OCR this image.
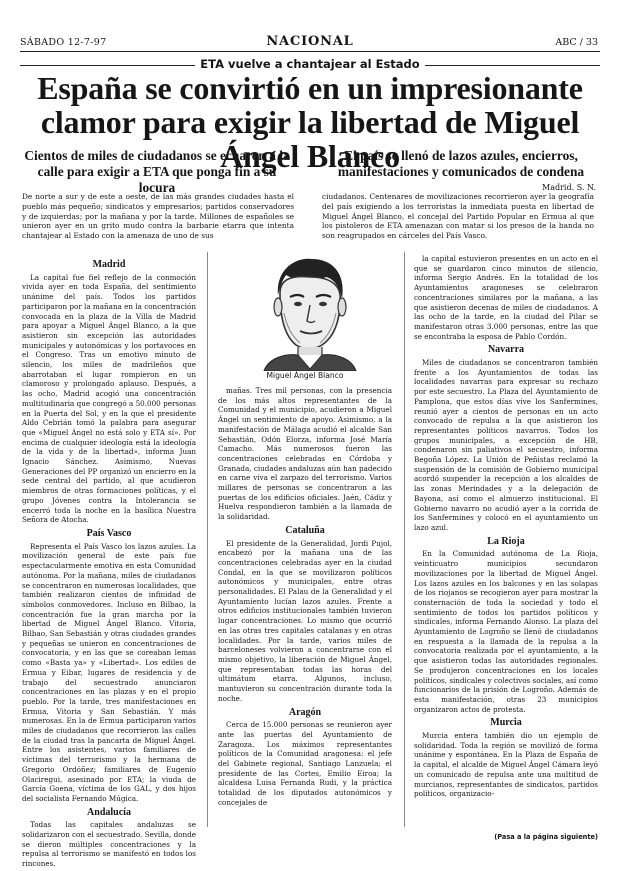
SÁBADO 12-7-97	NACIONAL	ABC / 33
ETA vuelve a chantajear al Estado
España se convirtió en un impresionante clamor para exigir la libertad de Miguel Ángel Blanco
Cientos de miles de ciudadanos se echaron a la calle para exigir a ETA que ponga fin a su locura
El país se llenó de lazos azules, encierros, manifestaciones y comunicados de condena
Madrid. S. N.
De norte a sur y de este a oeste, de las más grandes ciudades hasta el pueblo más pequeño; sindicatos y empresarios; partidos conservadores y de izquierdas; por la mañana y por la tarde. Millones de españoles se unieron ayer en un grito mudo contra la barbarie etarra que intenta chantajear al Estado con la amenaza de uno de sus
ciudadanos. Centenares de movilizaciones recorrieron ayer la geografía del país exigiendo a los terroristas la inmediata puesta en libertad de Miguel Ángel Blanco, el concejal del Partido Popular en Ermua al que los pistoleros de ETA amenazan con matar si los presos de la banda no son reagrupados en cárceles del País Vasco.
Madrid

La capital fue fiel reflejo de la conmoción vivida ayer en toda España, del sentimiento unánime del país. Todos los partidos participaron por la mañana en la concentración convocada en la plaza de la Villa de Madrid para apoyar a Miguel Ángel Blanco, a la que asistieron sin excepción las autoridades municipales y autonómicas y los portavoces en el Congreso. Tras un emotivo minuto de silencio, los miles de madrileños que abarrotaban el lugar rompieron en un clamoroso y prolongado aplauso. Después, a las ocho, Madrid acogió una concentración multitudinaria que congregó a 50.000 personas en la Puerta del Sol, y en la que el presidente Aldo Cebrián tomó la palabra para asegurar que «Miguel Ángel no está solo y ETA sí». Por encima de cualquier ideología está la ideología de la vida y de la libertad», informa Juan Ignacio Sánchez. Asimismo, Nuevas Generaciones del PP organizó un encierro en la sede central del partido, al que acudieron miembros de otras formaciones políticas, y el grupo Jóvenes contra la Intolerancia se encerró toda la noche en la basílica Nuestra Señora de Atocha.

País Vasco

Representa el País Vasco los lazos azules. La movilización general de este país fue espectacularmente emotiva en esta Comunidad autónoma. Por la mañana, miles de ciudadanos se concentraron en numerosas localidades, que también realizaron cientos de infinidad de símbolos conmovedores. Incluso en Bilbao, la concentración fue la gran marcha por la libertad de Miguel Ángel Blanco. Vitoria, Bilbao, San Sebastián y otras ciudades grandes y pequeñas se unieron en concentraciones de convocatoria, y en las que se coreaban lemas como «Basta ya» y «Libertad». Los ediles de Ermua y Eibar, lugares de residencia y de trabajo del secuestrado anunciaron concentraciones en las plazas y en el propio pueblo. Por la tarde, tres manifestaciones en Ermua, Vitoria y San Sebastián. Y más numerosas. En la de Ermua participaron varios miles de ciudadanos que recorrieron las calles de la ciudad tras la pancarta de Miguel Ángel. Entre los asistentes, varios familiares de víctimas del terrorismo y la hermana de Gregorio Ordóñez; familiares de Eugenio Olaciregui, asesinado por ETA; la viuda de García Goena, víctima de los GAL, y dos hijos del socialista Fernando Múgica.

Andalucía

Todas las capitales andaluzas se solidarizaron con el secuestrado. Sevilla, donde se dieron múltiples concentraciones y la repulsa al terrorismo se manifestó en todos los rincones.

Miguel Ángel Blanco

mañas. Tres mil personas, con la presencia de los más altos representantes de la Comunidad y el municipio, acudieron a Miguel Ángel un sentimiento de apoyo. Asimismo, a la manifestación de Málaga acudió el alcalde San Sebastián, Odón Elorza, informa José María Camacho. Más numerosos fueron las concentraciones celebradas en Córdoba y Granada, ciudades andaluzas aún han padecido en carne viva el zarpazo del terrorismo. Varios millares de personas se concentraron a las puertas de los edificios oficiales. Jaén, Cádiz y Huelva respondieron también a la llamada de la solidaridad.

Cataluña

El presidente de la Generalidad, Jordi Pujol, encabezó por la mañana una de las concentraciones celebradas ayer en la ciudad Condal, en la que se movilizaron políticos autonómicos y municipales, entre otras personalidades. El Palau de la Generalidad y el Ayuntamiento lucían lazos azules. Frente a otros edificios institucionales también tuvieron lugar concentraciones. Lo mismo que ocurrió en las otras tres capitales catalanas y en otras localidades. Por la tarde, varios miles de barceloneses volvieron a concentrarse con el mismo objetivo, la liberación de Miguel Ángel, que representaban todas las horas del ultimátum etarra. Algunos, incluso, mantuvieron su concentración durante toda la noche.

Aragón

Cerca de 15.000 personas se reunieron ayer ante las puertas del Ayuntamiento de Zaragoza. Los máximos representantes políticos de la Comunidad aragonesa: el jefe del Gabinete regional, Santiago Lanzuela; el presidente de las Cortes, Emilio Eiroa; la alcaldesa Luisa Fernanda Rudi, y la práctica totalidad de los diputados autonómicos y concejales de

la capital estuvieron presentes en un acto en el que se guardaron cinco minutos de silencio, informa Sergio Andrés. En la totalidad de los Ayuntamientos aragoneses se celebraron concentraciones similares por la mañana, a las que asistieron decenas de miles de ciudadanos. A las ocho de la tarde, en la ciudad del Pilar se manifestaron otras 3.000 personas, entre las que se encontraba la esposa de Pablo Cordón.

Navarra

Miles de ciudadanos se concentraron también frente a los Ayuntamientos de todas las localidades navarras para expresar su rechazo por este secuestro. La Plaza del Ayuntamiento de Pamplona, que estos días vive los Sanfermines, reunió ayer a cientos de personas en un acto convocado de repulsa a la que asistieron los representantes políticos navarros. Todos los grupos municipales, a excepción de HB, condenaron sin paliativos el secuestro, informa Begoña López. La Unión de Peñistas reclamó la suspensión de la comisión de Gobierno municipal acordó suspender la recepción a los alcaldes de las zonas Merindades y a la delegación de Bayona, así como el almuerzo institucional. El Gobierno navarro no acudió ayer a la corrida de los Sanfermines y colocó en el ayuntamiento un lazo azul.

La Rioja

En la Comunidad autónoma de La Rioja, veinticuatro municipios secundaron movilizaciones por la libertad de Miguel Ángel. Los lazos azules en los balcones y en las solapas de los riojanos se recogieron ayer para mostrar la consternación de toda la sociedad y todo el sentimiento de todos los partidos políticos y sindicales, informa Fernando Alonso. La plaza del Ayuntamiento de Logroño se llenó de ciudadanos en respuesta a la llamada de la repulsa a la convocatoria realizada por el ayuntamiento, a la que asistieron todas las autoridades regionales. Se produjeron concentraciones en los locales políticos, sindicales y colectivos sociales, así como funcionarios de la prisión de Logroño. Además de esta manifestación, otras 23 municipios organizaron actos de protesta.

Murcia

Murcia entera también dio un ejemplo de solidaridad. Toda la región se movilizó de forma unánime y espontánea. En la Plaza de España de la capital, el alcalde de Miguel Ángel Cámara leyó un comunicado de repulsa ante una multitud de murcianos, representantes de sindicatos, partidos políticos, organizacio-

(Pasa a la página siguiente)
